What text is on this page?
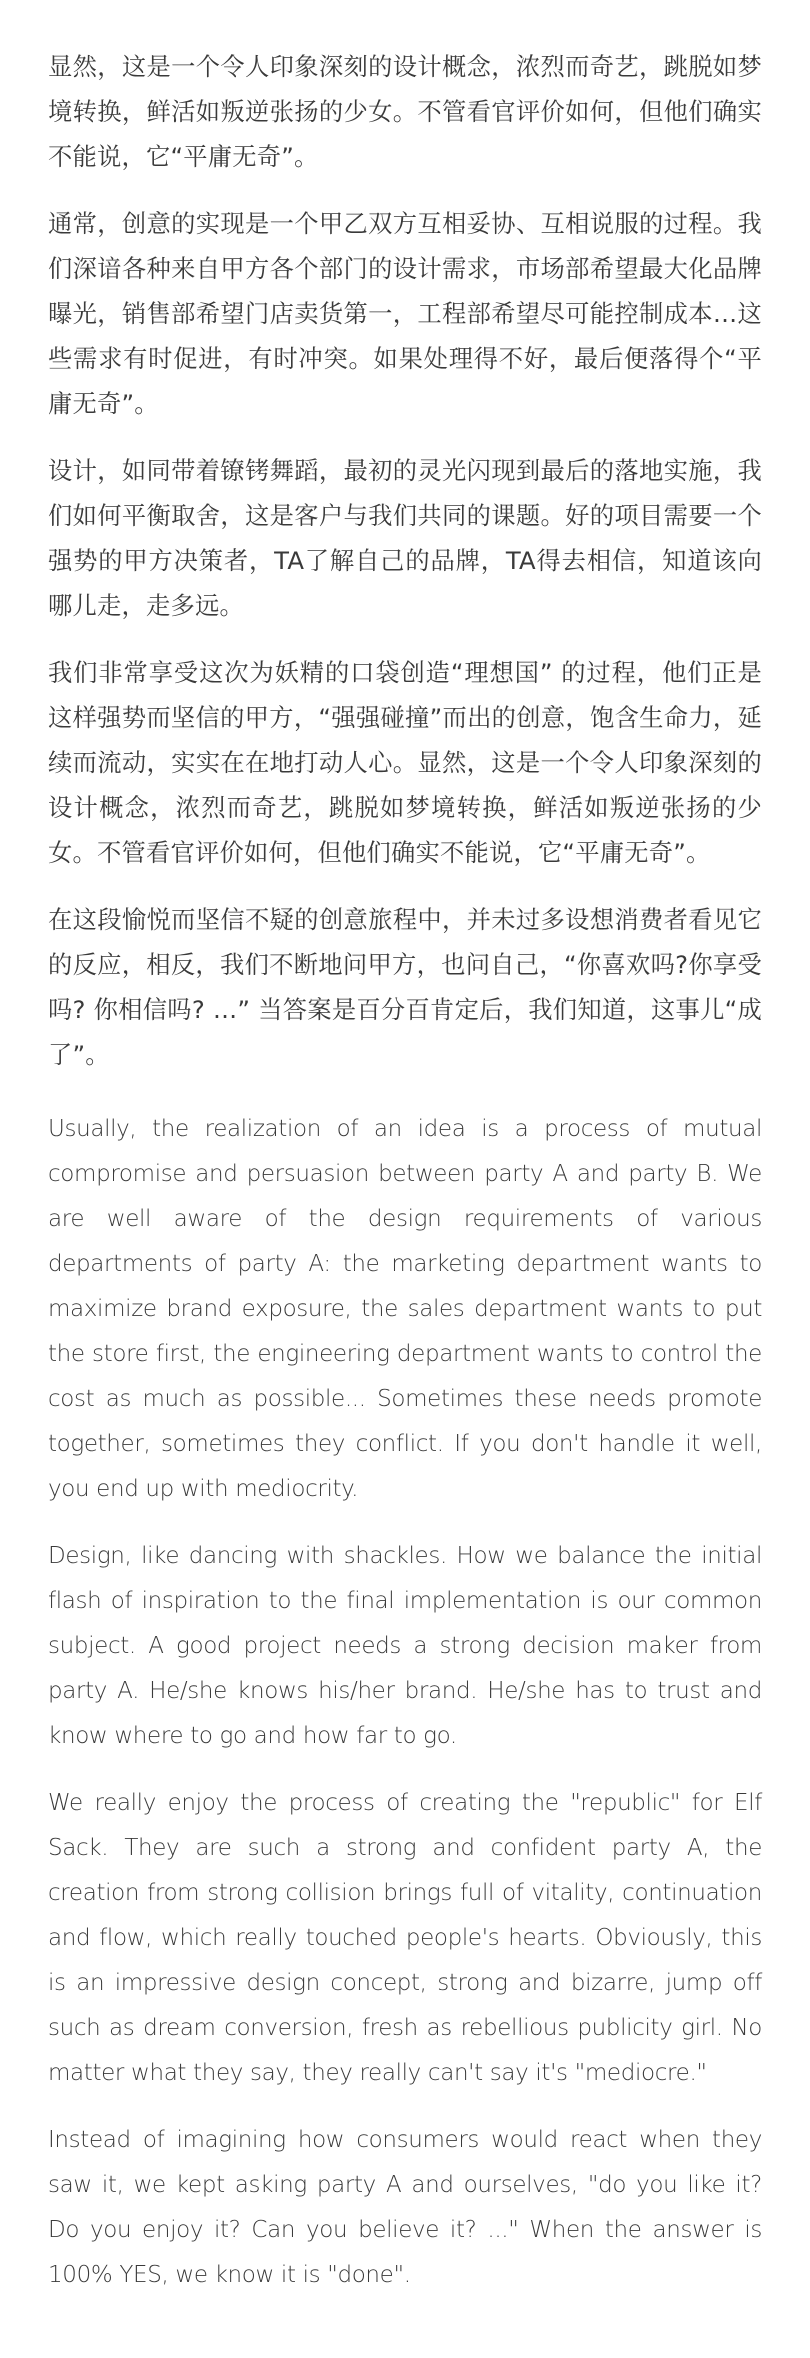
显然，这是一个令人印象深刻的设计概念，浓烈而奇艺，跳脱如梦境转换，鲜活如叛逆张扬的少女。不管看官评价如何，但他们确实不能说，它“平庸无奇”。

通常，创意的实现是一个甲乙双方互相妥协、互相说服的过程。我们深谙各种来自甲方各个部门的设计需求，市场部希望最大化品牌曝光，销售部希望门店卖货第一，工程部希望尽可能控制成本…这些需求有时促进，有时冲突。如果处理得不好，最后便落得个“平庸无奇”。

设计，如同带着镣铐舞蹈，最初的灵光闪现到最后的落地实施，我们如何平衡取舍，这是客户与我们共同的课题。好的项目需要一个强势的甲方决策者，TA了解自己的品牌，TA得去相信，知道该向哪儿走，走多远。

我们非常享受这次为妖精的口袋创造“理想国” 的过程，他们正是这样强势而坚信的甲方，“强强碰撞”而出的创意，饱含生命力，延续而流动，实实在在地打动人心。显然，这是一个令人印象深刻的设计概念，浓烈而奇艺，跳脱如梦境转换，鲜活如叛逆张扬的少女。不管看官评价如何，但他们确实不能说，它“平庸无奇”。

在这段愉悦而坚信不疑的创意旅程中，并未过多设想消费者看见它的反应，相反，我们不断地问甲方，也问自己，“你喜欢吗?你享受吗? 你相信吗? …” 当答案是百分百肯定后，我们知道，这事儿“成了”。

Usually, the realization of an idea is a process of mutual compromise and persuasion between party A and party B. We are well aware of the design requirements of various departments of party A: the marketing department wants to maximize brand exposure, the sales department wants to put the store first, the engineering department wants to control the cost as much as possible... Sometimes these needs promote together, sometimes they conflict. If you don't handle it well, you end up with mediocrity.

Design, like dancing with shackles. How we balance the initial flash of inspiration to the final implementation is our common subject. A good project needs a strong decision maker from party A. He/she knows his/her brand. He/she has to trust and know where to go and how far to go.

We really enjoy the process of creating the "republic" for Elf Sack. They are such a strong and confident party A, the creation from strong collision brings full of vitality, continuation and flow, which really touched people's hearts. Obviously, this is an impressive design concept, strong and bizarre, jump off such as dream conversion, fresh as rebellious publicity girl. No matter what they say, they really can't say it's "mediocre."

Instead of imagining how consumers would react when they saw it, we kept asking party A and ourselves, "do you like it? Do you enjoy it? Can you believe it? ..." When the answer is 100% YES, we know it is "done".
